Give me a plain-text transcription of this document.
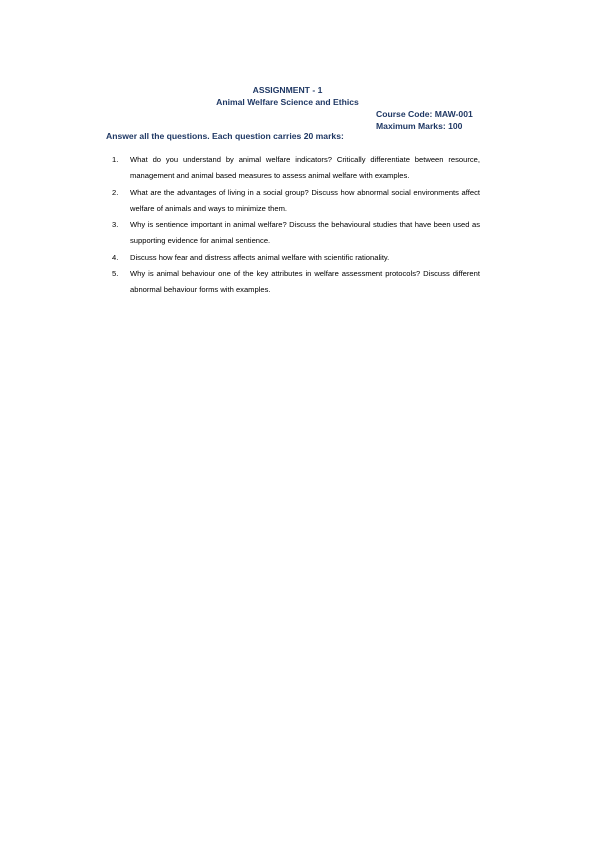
ASSIGNMENT - 1
Animal Welfare Science and Ethics
Course Code: MAW-001
Maximum Marks: 100
Answer all the questions. Each question carries 20 marks:
1. What do you understand by animal welfare indicators? Critically differentiate between resource, management and animal based measures to assess animal welfare with examples.
2. What are the advantages of living in a social group? Discuss how abnormal social environments affect welfare of animals and ways to minimize them.
3. Why is sentience important in animal welfare? Discuss the behavioural studies that have been used as supporting evidence for animal sentience.
4. Discuss how fear and distress affects animal welfare with scientific rationality.
5. Why is animal behaviour one of the key attributes in welfare assessment protocols? Discuss different abnormal behaviour forms with examples.
